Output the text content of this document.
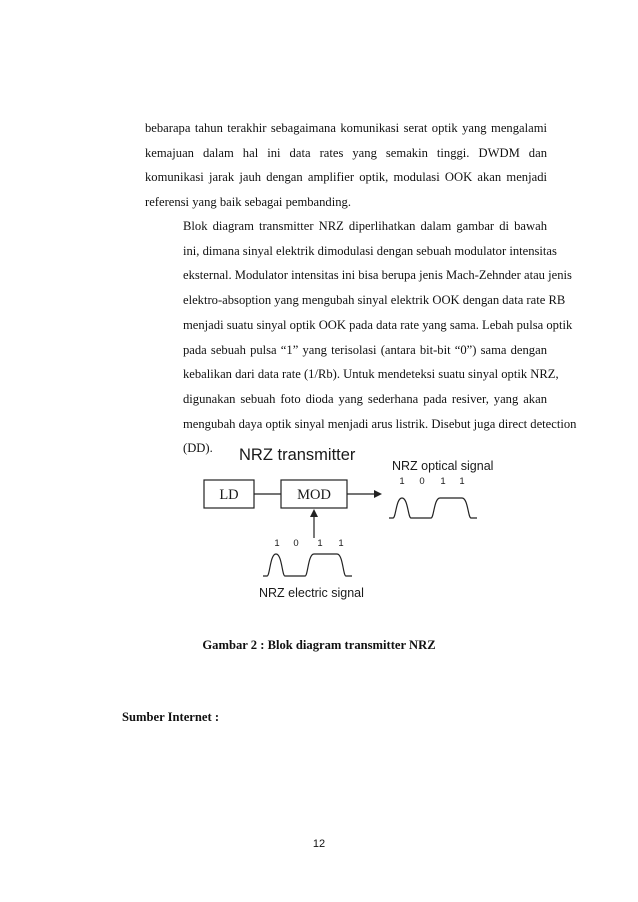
bebarapa tahun terakhir sebagaimana komunikasi serat optik yang mengalami
kemajuan dalam hal ini data rates yang semakin tinggi. DWDM dan
komunikasi jarak jauh dengan amplifier optik, modulasi OOK akan menjadi
referensi yang baik sebagai pembanding.
Blok diagram transmitter NRZ diperlihatkan dalam gambar di bawah
ini, dimana sinyal elektrik dimodulasi dengan sebuah modulator intensitas
eksternal. Modulator intensitas ini bisa berupa jenis Mach-Zehnder atau jenis
elektro-absoption yang mengubah sinyal elektrik OOK dengan data rate RB
menjadi suatu sinyal optik OOK pada data rate yang sama. Lebah pulsa optik
pada sebuah pulsa “1” yang terisolasi (antara bit-bit “0”) sama dengan
kebalikan dari data rate (1/Rb). Untuk mendeteksi suatu sinyal optik NRZ,
digunakan sebuah foto dioda yang sederhana pada resiver, yang akan
mengubah daya optik sinyal menjadi arus listrik. Disebut juga direct detection
(DD).	NRZ transmitter
LD	MOD
NRZ optical signal
1 0 1 1
1 0 1 1
NRZ electric signal
Gambar 2 : Blok diagram transmitter NRZ
Sumber Internet :
12
